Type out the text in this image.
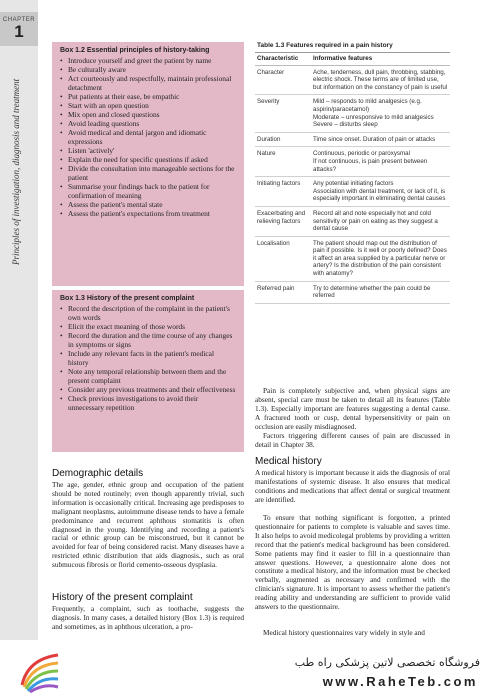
CHAPTER
1
Principles of investigation, diagnosis and treatment
Box 1.2 Essential principles of history-taking
• Introduce yourself and greet the patient by name
• Be culturally aware
• Act courteously and respectfully, maintain professional detachment
• Put patients at their ease, be empathic
• Start with an open question
• Mix open and closed questions
• Avoid leading questions
• Avoid medical and dental jargon and idiomatic expressions
• Listen 'actively'
• Explain the need for specific questions if asked
• Divide the consultation into manageable sections for the patient
• Summarise your findings back to the patient for confirmation of meaning
• Assess the patient's mental state
• Assess the patient's expectations from treatment
Box 1.3 History of the present complaint
• Record the description of the complaint in the patient's own words
• Elicit the exact meaning of those words
• Record the duration and the time course of any changes in symptoms or signs
• Include any relevant facts in the patient's medical history
• Note any temporal relationship between them and the present complaint
• Consider any previous treatments and their effectiveness
• Check previous investigations to avoid their unnecessary repetition
Table 1.3 Features required in a pain history
Characteristic	Informative features
Character	Ache, tenderness, dull pain, throbbing, stabbing, electric shock. These terms are of limited use, but information on the constancy of pain is useful
Severity	Mild – responds to mild analgesics (e.g. aspirin/paracetamol)
Moderate – unresponsive to mild analgesics
Severe – disturbs sleep
Duration	Time since onset. Duration of pain or attacks
Nature	Continuous, periodic or paroxysmal
If not continuous, is pain present between attacks?
Initiating factors	Any potential initiating factors
Association with dental treatment, or lack of it, is especially important in eliminating dental causes
Exacerbating and relieving factors	Record all and note especially hot and cold sensitivity or pain on eating as they suggest a dental cause
Localisation	The patient should map out the distribution of pain if possible. Is it well or poorly defined? Does it affect an area supplied by a particular nerve or artery? Is the distribution of the pain consistent with anatomy?
Referred pain	Try to determine whether the pain could be referred
Demographic details
The age, gender, ethnic group and occupation of the patient should be noted routinely; even though apparently trivial, such information is occasionally critical. Increasing age predisposes to malignant neoplasms, autoimmune disease tends to have a female predominance and recurrent aphthous stomatitis is often diagnosed in the young. Identifying and recording a patient's racial or ethnic group can be misconstrued, but it cannot be avoided for fear of being considered racist. Many diseases have a restricted ethnic distribution that aids diagnosis., such as oral submucous fibrosis or florid cemento-osseous dysplasia.
History of the present complaint
Frequently, a complaint, such as toothache, suggests the diagnosis. In many cases, a detailed history (Box 1.3) is required and sometimes, as in aphthous ulceration, a pro-
Pain is completely subjective and, when physical signs are absent, special care must be taken to detail all its features (Table 1.3). Especially important are features suggesting a dental cause. A fractured tooth or cusp, dental hypersensitivity or pain on occlusion are easily misdiagnosed.
Factors triggering different causes of pain are discussed in detail in Chapter 38.
Medical history
A medical history is important because it aids the diagnosis of oral manifestations of systemic disease. It also ensures that medical conditions and medications that affect dental or surgical treatment are identified.
To ensure that nothing significant is forgotten, a printed questionnaire for patients to complete is valuable and saves time. It also helps to avoid medicolegal problems by providing a written record that the patient's medical background has been considered. Some patients may find it easier to fill in a questionnaire than answer questions. However, a questionnaire alone does not constitute a medical history, and the information must be checked verbally, augmented as necessary and confirmed with the clinician's signature. It is important to assess whether the patient's reading ability and understanding are sufficient to provide valid answers to the questionnaire.
Medical history questionnaires vary widely in style and
فروشگاه تخصصی لاتین پزشکی راه طب
www.RaheTeb.com
